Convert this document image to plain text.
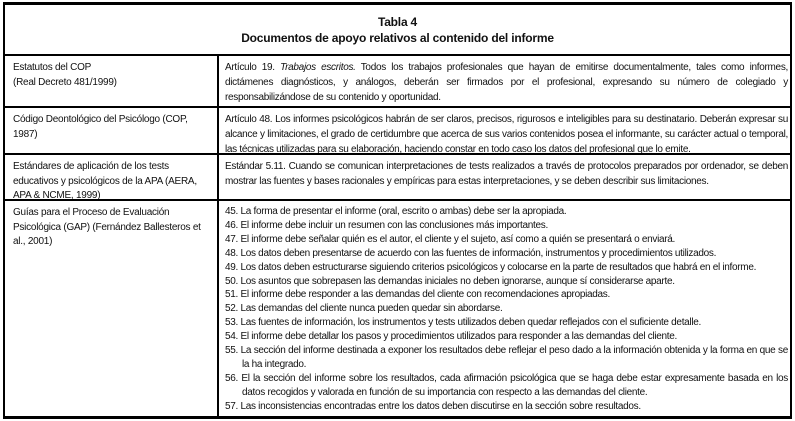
Tabla 4
Documentos de apoyo relativos al contenido del informe
Estatutos del COP
(Real Decreto 481/1999)
Artículo 19. Trabajos escritos. Todos los trabajos profesionales que hayan de emitirse documentalmente, tales como informes, dictámenes diagnósticos, y análogos, deberán ser firmados por el profesional, expresando su número de colegiado y responsabilizándose de su contenido y oportunidad.
Código Deontológico del Psicólogo (COP, 1987)
Artículo 48. Los informes psicológicos habrán de ser claros, precisos, rigurosos e inteligibles para su destinatario. Deberán expresar su alcance y limitaciones, el grado de certidumbre que acerca de sus varios contenidos posea el informante, su carácter actual o temporal, las técnicas utilizadas para su elaboración, haciendo constar en todo caso los datos del profesional que lo emite.
Estándares de aplicación de los tests educativos y psicológicos de la APA (AERA, APA & NCME, 1999)
Estándar 5.11. Cuando se comunican interpretaciones de tests realizados a través de protocolos preparados por ordenador, se deben mostrar las fuentes y bases racionales y empíricas para estas interpretaciones, y se deben describir sus limitaciones.
Guías para el Proceso de Evaluación Psicológica (GAP) (Fernández Ballesteros et al., 2001)
45. La forma de presentar el informe (oral, escrito o ambas) debe ser la apropiada.
46. El informe debe incluir un resumen con las conclusiones más importantes.
47. El informe debe señalar quién es el autor, el cliente y el sujeto, así como a quién se presentará o enviará.
48. Los datos deben presentarse de acuerdo con las fuentes de información, instrumentos y procedimientos utilizados.
49. Los datos deben estructurarse siguiendo criterios psicológicos y colocarse en la parte de resultados que habrá en el informe.
50. Los asuntos que sobrepasen las demandas iniciales no deben ignorarse, aunque sí considerarse aparte.
51. El informe debe responder a las demandas del cliente con recomendaciones apropiadas.
52. Las demandas del cliente nunca pueden quedar sin abordarse.
53. Las fuentes de información, los instrumentos y tests utilizados deben quedar reflejados con el suficiente detalle.
54. El informe debe detallar los pasos y procedimientos utilizados para responder a las demandas del cliente.
55. La sección del informe destinada a exponer los resultados debe reflejar el peso dado a la información obtenida y la forma en que se la ha integrado.
56. El la sección del informe sobre los resultados, cada afirmación psicológica que se haga debe estar expresamente basada en los datos recogidos y valorada en función de su importancia con respecto a las demandas del cliente.
57. Las inconsistencias encontradas entre los datos deben discutirse en la sección sobre resultados.
